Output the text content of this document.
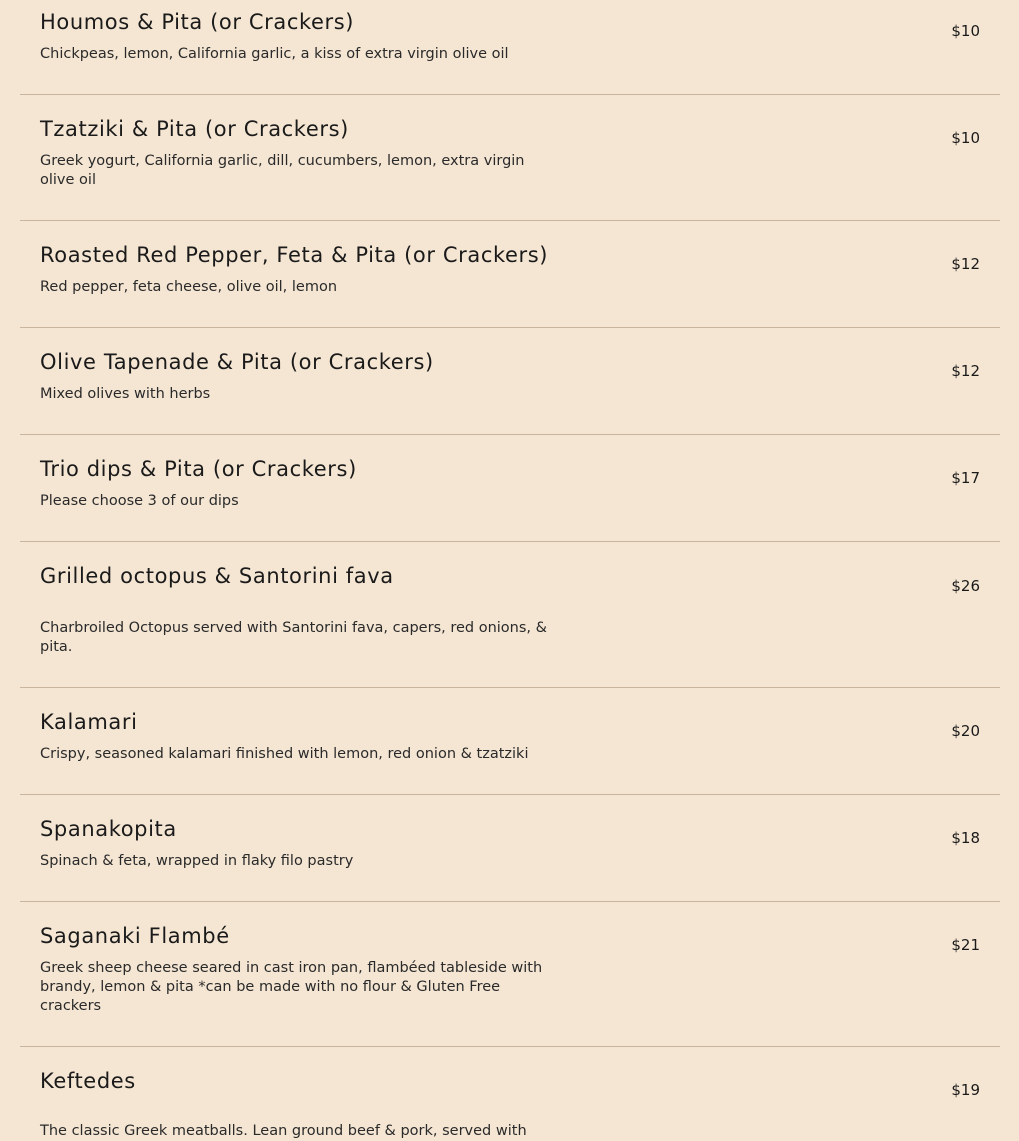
Houmos & Pita (or Crackers)
Chickpeas, lemon, California garlic, a kiss of extra virgin olive oil
$10
Tzatziki & Pita (or Crackers)
Greek yogurt, California garlic, dill, cucumbers, lemon, extra virgin olive oil
$10
Roasted Red Pepper, Feta & Pita (or Crackers)
Red pepper, feta cheese, olive oil, lemon
$12
Olive Tapenade & Pita (or Crackers)
Mixed olives with herbs
$12
Trio dips & Pita (or Crackers)
Please choose 3 of our dips
$17
Grilled octopus & Santorini fava
Charbroiled Octopus served with Santorini fava, capers, red onions, & pita.
$26
Kalamari
Crispy, seasoned kalamari finished with lemon, red onion & tzatziki
$20
Spanakopita
Spinach & feta, wrapped in flaky filo pastry
$18
Saganaki Flambé
Greek sheep cheese seared in cast iron pan, flambéed tableside with brandy, lemon & pita *can be made with no flour & Gluten Free crackers
$21
Keftedes
The classic Greek meatballs. Lean ground beef & pork, served with
$19
